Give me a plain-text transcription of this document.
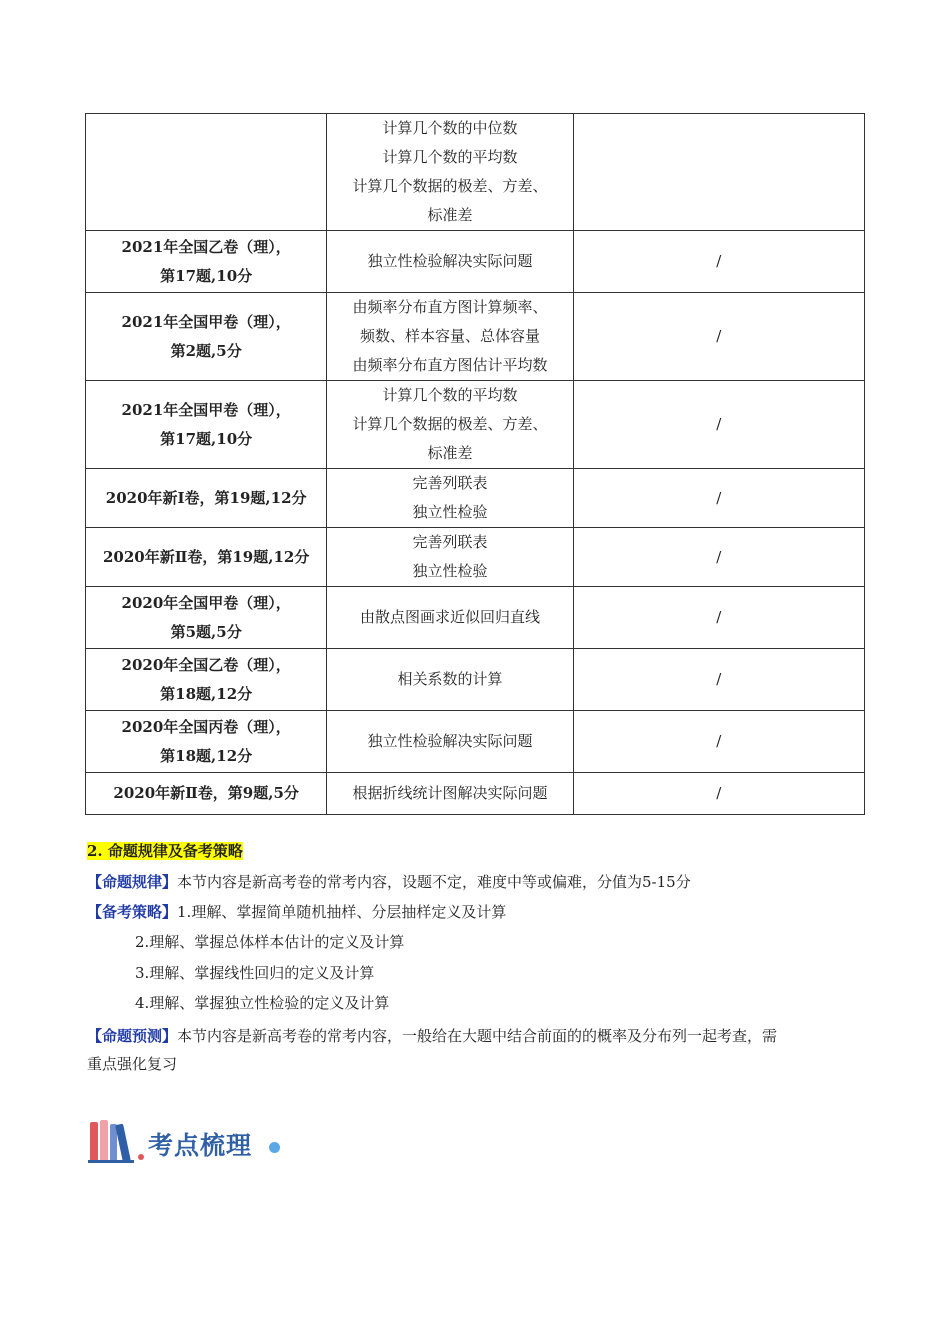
	计算几个数的中位数
计算几个数的平均数
计算几个数据的极差、方差、
标准差	

2021年全国乙卷（理），
第17题,10分	独立性检验解决实际问题	/

2021年全国甲卷（理），
第2题,5分	由频率分布直方图计算频率、
频数、样本容量、总体容量
由频率分布直方图估计平均数	/

2021年全国甲卷（理），
第17题,10分	计算几个数的平均数
计算几个数据的极差、方差、
标准差	/

2020年新I卷，第19题,12分	完善列联表
独立性检验	/

2020年新Ⅱ卷，第19题,12分	完善列联表
独立性检验	/

2020年全国甲卷（理），
第5题,5分	由散点图画求近似回归直线	/

2020年全国乙卷（理），
第18题,12分	相关系数的计算	/

2020年全国丙卷（理），
第18题,12分	独立性检验解决实际问题	/

2020年新Ⅱ卷，第9题,5分	根据折线统计图解决实际问题	/
2. 命题规律及备考策略
【命题规律】本节内容是新高考卷的常考内容，设题不定，难度中等或偏难，分值为5-15分
【备考策略】1.理解、掌握简单随机抽样、分层抽样定义及计算
2.理解、掌握总体样本估计的定义及计算
3.理解、掌握线性回归的定义及计算
4.理解、掌握独立性检验的定义及计算
【命题预测】本节内容是新高考卷的常考内容，一般给在大题中结合前面的的概率及分布列一起考查，需
重点强化复习
考点梳理
